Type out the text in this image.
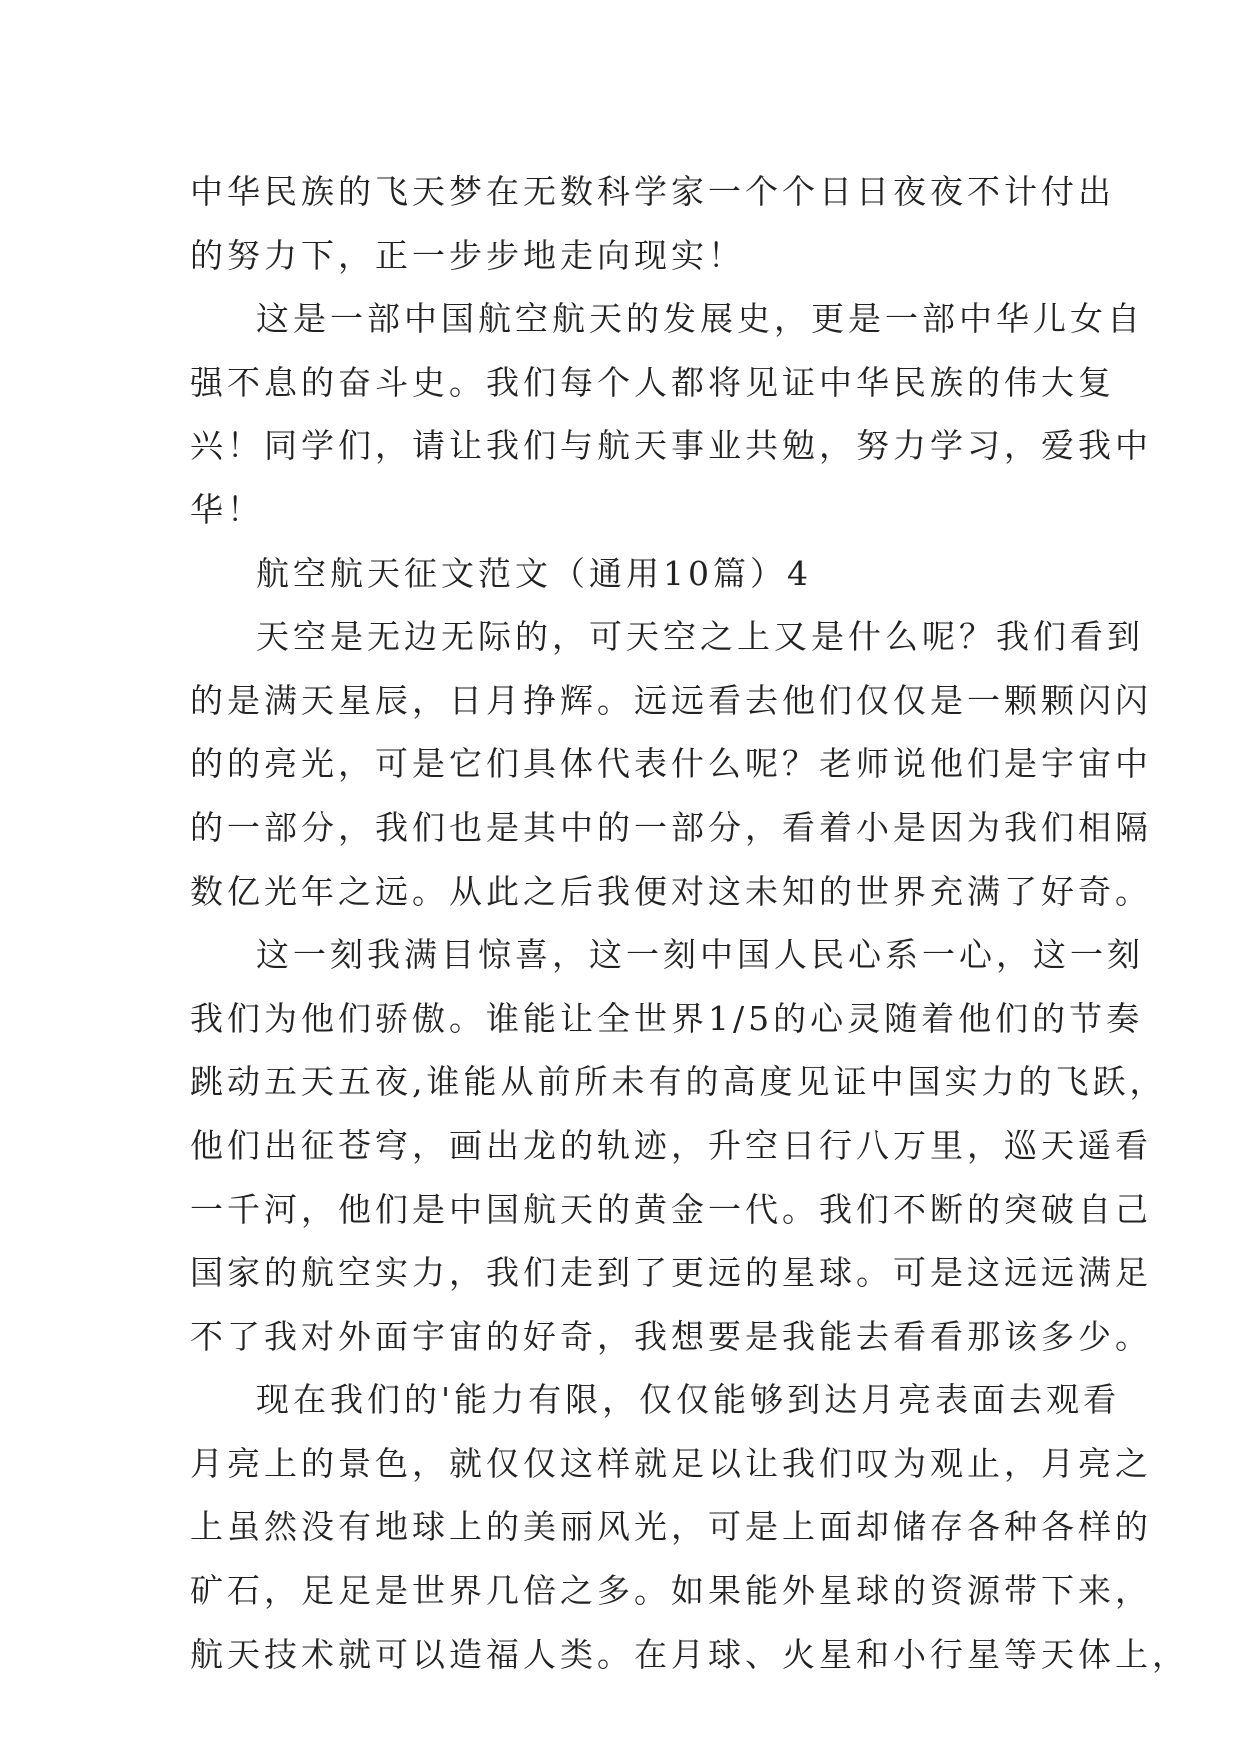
中华民族的飞天梦在无数科学家一个个日日夜夜不计付出
的努力下，正一步步地走向现实！
这是一部中国航空航天的发展史，更是一部中华儿女自
强不息的奋斗史。我们每个人都将见证中华民族的伟大复
兴！同学们，请让我们与航天事业共勉，努力学习，爱我中
华！
航空航天征文范文（通用10篇）4
天空是无边无际的，可天空之上又是什么呢？我们看到
的是满天星辰，日月挣辉。远远看去他们仅仅是一颗颗闪闪
的的亮光，可是它们具体代表什么呢？老师说他们是宇宙中
的一部分，我们也是其中的一部分，看着小是因为我们相隔
数亿光年之远。从此之后我便对这未知的世界充满了好奇。
这一刻我满目惊喜，这一刻中国人民心系一心，这一刻
我们为他们骄傲。谁能让全世界1/5的心灵随着他们的节奏
跳动五天五夜,谁能从前所未有的高度见证中国实力的飞跃，
他们出征苍穹，画出龙的轨迹，升空日行八万里，巡天遥看
一千河，他们是中国航天的黄金一代。我们不断的突破自己
国家的航空实力，我们走到了更远的星球。可是这远远满足
不了我对外面宇宙的好奇，我想要是我能去看看那该多少。
现在我们的'能力有限，仅仅能够到达月亮表面去观看
月亮上的景色，就仅仅这样就足以让我们叹为观止，月亮之
上虽然没有地球上的美丽风光，可是上面却储存各种各样的
矿石，足足是世界几倍之多。如果能外星球的资源带下来，
航天技术就可以造福人类。在月球、火星和小行星等天体上，
